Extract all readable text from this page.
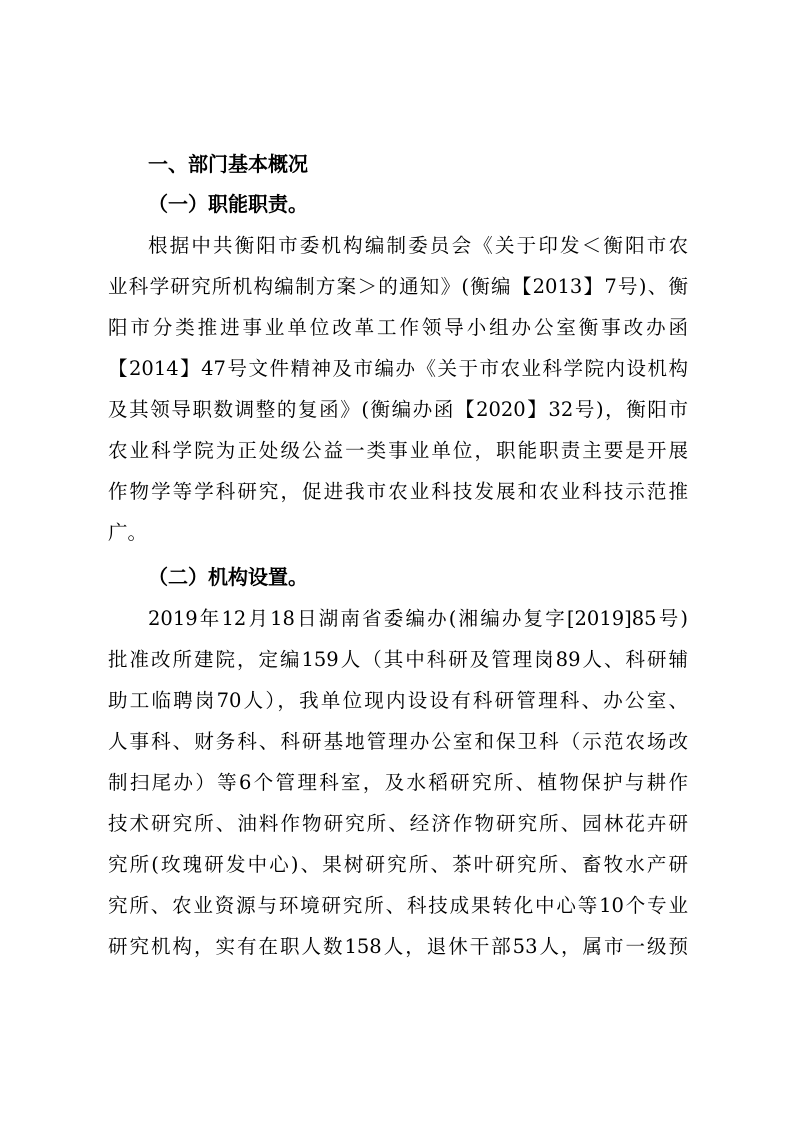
一、部门基本概况
（一）职能职责。
根据中共衡阳市委机构编制委员会《关于印发＜衡阳市农
业科学研究所机构编制方案＞的通知》(衡编【2013】7号)、衡
阳市分类推进事业单位改革工作领导小组办公室衡事改办函
【2014】47号文件精神及市编办《关于市农业科学院内设机构
及其领导职数调整的复函》(衡编办函【2020】32号)，衡阳市
农业科学院为正处级公益一类事业单位，职能职责主要是开展
作物学等学科研究，促进我市农业科技发展和农业科技示范推
广。
（二）机构设置。
2019年12月18日湖南省委编办(湘编办复字[2019]85号)
批准改所建院，定编159人（其中科研及管理岗89人、科研辅
助工临聘岗70人），我单位现内设设有科研管理科、办公室、
人事科、财务科、科研基地管理办公室和保卫科（示范农场改
制扫尾办）等6个管理科室，及水稻研究所、植物保护与耕作
技术研究所、油料作物研究所、经济作物研究所、园林花卉研
究所(玫瑰研发中心)、果树研究所、茶叶研究所、畜牧水产研
究所、农业资源与环境研究所、科技成果转化中心等10个专业
研究机构，实有在职人数158人，退休干部53人，属市一级预
